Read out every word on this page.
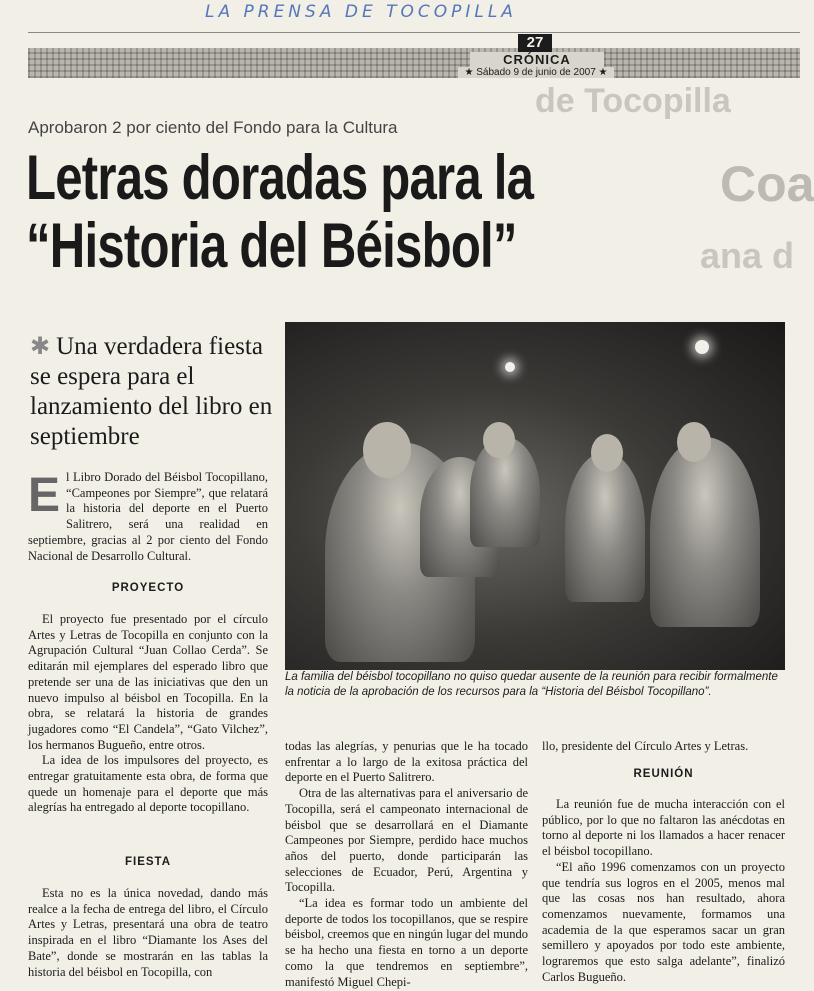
LA PRENSA DE TOCOPILLA
27
CRÓNICA
★ Sábado 9 de junio de 2007 ★
de Tocopilla
Coa
ana d
Aprobaron 2 por ciento del Fondo para la Cultura
Letras doradas para la
“Historia del Béisbol”
✱ Una verdadera fiesta se espera para el lanzamiento del libro en septiembre
La familia del béisbol tocopillano no quiso quedar ausente de la reunión para recibir formalmente la noticia de la aprobación de los recursos para la “Historia del Béisbol Tocopillano”.
E l Libro Dorado del Béisbol Tocopillano, “Campeones por Siempre”, que relatará la historia del deporte en el Puerto Salitrero, será una realidad en septiembre, gracias al 2 por ciento del Fondo Nacional de Desarrollo Cultural.

PROYECTO

El proyecto fue presentado por el círculo Artes y Letras de Tocopilla en conjunto con la Agrupación Cultural “Juan Collao Cerda”. Se editarán mil ejemplares del esperado libro que pretende ser una de las iniciativas que den un nuevo impulso al béisbol en Tocopilla. En la obra, se relatará la historia de grandes jugadores como “El Candela”, “Gato Vilchez”, los hermanos Bugueño, entre otros.

La idea de los impulsores del proyecto, es entregar gratuitamente esta obra, de forma que quede un homenaje para el deporte que más alegrías ha entregado al deporte tocopillano.

FIESTA

Esta no es la única novedad, dando más realce a la fecha de entrega del libro, el Círculo Artes y Letras, presentará una obra de teatro inspirada en el libro “Diamante los Ases del Bate”, donde se mostrarán en las tablas la historia del béisbol en Tocopilla, con

todas las alegrías, y penurias que le ha tocado enfrentar a lo largo de la exitosa práctica del deporte en el Puerto Salitrero.

Otra de las alternativas para el aniversario de Tocopilla, será el campeonato internacional de béisbol que se desarrollará en el Diamante Campeones por Siempre, perdido hace muchos años del puerto, donde participarán las selecciones de Ecuador, Perú, Argentina y Tocopilla.

“La idea es formar todo un ambiente del deporte de todos los tocopillanos, que se respire béisbol, creemos que en ningún lugar del mundo se ha hecho una fiesta en torno a un deporte como la que tendremos en septiembre”, manifestó Miguel Chepi-

llo, presidente del Círculo Artes y Letras.

REUNIÓN

La reunión fue de mucha interacción con el público, por lo que no faltaron las anécdotas en torno al deporte ni los llamados a hacer renacer el béisbol tocopillano.

“El año 1996 comenzamos con un proyecto que tendría sus logros en el 2005, menos mal que las cosas nos han resultado, ahora comenzamos nuevamente, formamos una academia de la que esperamos sacar un gran semillero y apoyados por todo este ambiente, lograremos que esto salga adelante”, finalizó Carlos Bugueño.
